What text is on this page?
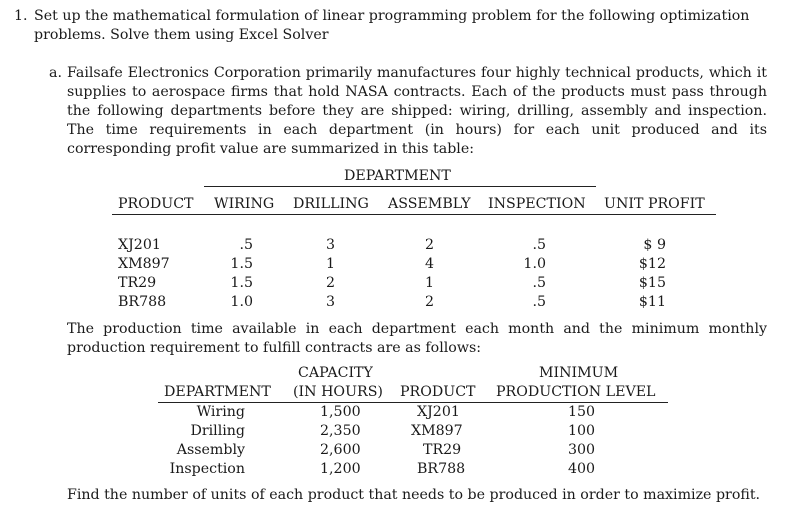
1. Set up the mathematical formulation of linear programming problem for the following optimization problems. Solve them using Excel Solver
a. Failsafe Electronics Corporation primarily manufactures four highly technical products, which it supplies to aerospace firms that hold NASA contracts. Each of the products must pass through the following departments before they are shipped: wiring, drilling, assembly and inspection. The time requirements in each department (in hours) for each unit produced and its corresponding profit value are summarized in this table:
DEPARTMENT
PRODUCT WIRING DRILLING ASSEMBLY INSPECTION UNIT PROFIT
XJ201	.5	3	2	.5	$ 9
XM897	1.5	1	4	1.0	$12
TR29	1.5	2	1	.5	$15
BR788	1.0	3	2	.5	$11
The production time available in each department each month and the minimum monthly production requirement to fulfill contracts are as follows:
CAPACITY	MINIMUM
DEPARTMENT (IN HOURS) PRODUCT PRODUCTION LEVEL
Wiring	1,500	XJ201	150
Drilling	2,350	XM897	100
Assembly	2,600	TR29	300
Inspection	1,200	BR788	400
Find the number of units of each product that needs to be produced in order to maximize profit.
